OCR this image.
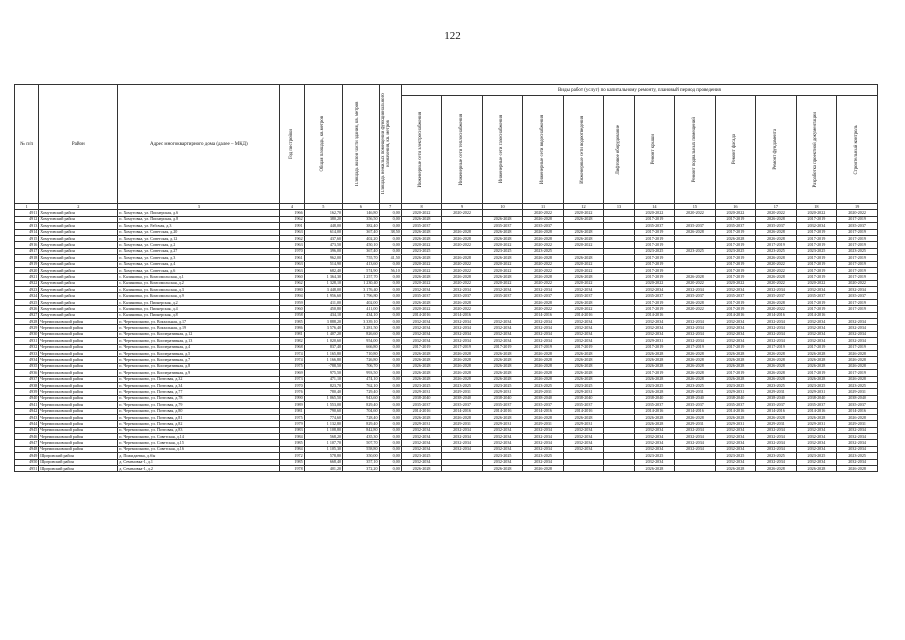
122
№ п/п	Район	Адрес многоквартирного дома (далее – МКД)	Год постройки	Общая площадь, кв.метров	Площадь жилой части здания, кв. метров	Площадь нежилых помещений функционального назначения, кв. метров	Виды работ (услуг) по капитальному ремонту, плановый период проведения											

							Инженерные сети электроснабжения	Инженерные сети теплоснабжения	Инженерные сети газоснабжения	Инженерные сети водоснабжения	Инженерные сети водоотведения	Лифтовое оборудование	Ремонт крыши	Ремонт подвальных помещений	Ремонт фасада	Ремонт фундамента	Разработка проектной документации	Строительный контроль

1	2	3	4	5	6	7	8	9	10	11	12	13	14	15	16	17	18	19
4911	Хомутовский район	п. Хомутовка, ул. Пионерская, д.6	1966	162,70	146,80	0,00	2020-2022	2020-2022		2020-2022	2020-2022		2020-2022	2020-2022	2020-2022	2020-2022	2020-2022	2020-2022
4912	Хомутовский район	п. Хомутовка, ул. Пионерская, д.8	1962	380,20	356,50	0,00	2026-2028		2026-2028	2026-2028	2026-2028		2017-2019		2017-2019	2026-2028	2017-2019	2017-2019
4913	Хомутовский район	п. Хомутовка, ул. Рабочая, д.3	1991	448,00	382,40	0,00	2035-2037		2035-2037	2035-2037			2035-2037	2035-2037	2035-2037	2035-2037	2032-2034	2035-2037
4914	Хомутовский район	п. Хомутовка, ул. Советская, д.20	1963	614,00	367,40	38,50	2026-2028	2026-2028	2026-2028	2026-2028	2026-2028		2017-2019	2026-2028	2017-2019	2026-2028	2017-2019	2017-2019
4915	Хомутовский район	п. Хомутовка, ул. Советская, д.12	1962	437,60	402,20	0,00	2026-2028	2026-2028	2026-2028	2026-2028	2026-2028		2017-2019		2026-2028	2026-2028	2017-2019	2017-2019
4916	Хомутовский район	п. Хомутовка, ул. Советская, д.2	1963	473,50	450,10	0,00	2020-2022	2020-2022	2020-2022	2020-2022	2020-2022		2017-2019		2017-2019	2017-2019	2017-2019	2017-2019
4917	Хомутовский район	п. Хомутовка, ул. Советская, д.27	1970	396,00	367,40	0,00	2023-2025		2023-2025	2023-2025			2023-2025	2023-2025	2023-2025	2023-2025	2023-2025	2023-2025
4918	Хомутовский район	п. Хомутовка, ул. Советская, д.3	1961	962,00	755,70	41,50	2026-2028	2026-2028	2026-2028	2026-2028	2026-2028		2017-2019		2017-2019	2026-2028	2017-2019	2017-2019
4919	Хомутовский район	п. Хомутовка, ул. Советская, д.4	1963	514,90	413,60	0,00	2020-2022	2020-2022	2020-2022	2020-2022	2020-2022		2017-2019		2017-2019	2020-2022	2017-2019	2017-2019
4920	Хомутовский район	п. Хомутовка, ул. Советская, д.6	1963	682,40	574,90	56,10	2020-2022	2020-2022	2020-2022	2020-2022	2020-2022		2017-2019		2017-2019	2020-2022	2017-2019	2017-2019
4921	Хомутовский район	с. Калиновка, ул. Комсомольская, д.1	1960	1 364,30	1 257,70	0,00	2026-2028	2026-2028	2026-2028	2026-2028	2026-2028		2017-2019	2026-2028	2017-2019	2026-2028	2017-2019	2017-2019
4922	Хомутовский район	с. Калиновка, ул. Комсомольская, д.2	1962	1 328,10	1 230,40	0,00	2020-2022	2020-2022	2020-2022	2020-2022	2020-2022		2020-2022	2020-2022	2020-2022	2020-2022	2020-2022	2020-2022
4923	Хомутовский район	с. Калиновка, ул. Комсомольская, д.3	1980	3 448,00	3 176,40	0,00	2032-2034	2032-2034	2032-2034	2032-2034	2032-2034		2032-2034	2032-2034	2032-2034	2032-2034	2032-2034	2032-2034
4924	Хомутовский район	с. Калиновка, ул. Комсомольская, д.9	1994	1 956,60	1 796,80	0,00	2035-2037	2035-2037	2035-2037	2035-2037	2035-2037		2035-2037	2035-2037	2035-2037	2035-2037	2035-2037	2035-2037
4925	Хомутовский район	с. Калиновка, ул. Пионерская, д.2	1959	411,00	402,00	0,00	2026-2028	2026-2028		2026-2028	2026-2028		2017-2019	2026-2028	2017-2019	2026-2028	2017-2019	2017-2019
4926	Хомутовский район	с. Калиновка, ул. Пионерская, д.4	1960	450,80	411,00	0,00	2020-2022	2020-2022		2020-2022	2020-2022		2017-2019	2020-2022	2017-2019	2020-2022	2017-2019	2017-2019
4927	Хомутовский район	с. Калиновка, ул. Пионерская, д.8	1958	434,10	434,10	0,00	2014-2016	2014-2016		2014-2016	2014-2016		2014-2016		2014-2016	2014-2016	2014-2016	
4928	Черемисиновский район	п. Черемисиново, ул. Вокзальная, д.17	1985	3 888,20	3 339,10	0,00	2032-2034	2032-2034	2032-2034	2032-2034	2032-2034		2032-2034	2032-2034	2032-2034	2032-2034	2032-2034	2032-2034
4929	Черемисиновский район	п. Черемисиново, ул. Вокзальная, д.19	1986	3 576,40	3 281,50	0,00	2032-2034	2032-2034	2032-2034	2032-2034	2032-2034		2032-2034	2032-2034	2032-2034	2032-2034	2032-2034	2032-2034
4930	Черемисиновский район	п. Черемисиново, ул. Кооперативная, д.12	1981	1 407,20	826,60	0,00	2032-2034	2032-2034	2032-2034	2032-2034	2032-2034		2032-2034	2032-2034	2032-2034	2032-2034	2032-2034	2032-2034
4931	Черемисиновский район	п. Черемисиново, ул. Кооперативная, д.13	1982	1 020,60	954,00	0,00	2032-2034	2032-2034	2032-2034	2032-2034	2032-2034		2029-2031	2032-2034	2032-2034	2032-2034	2032-2034	2032-2034
4932	Черемисиновский район	п. Черемисиново, ул. Кооперативная, д.4	1968	837,40	666,80	0,00	2017-2019	2017-2019	2017-2019	2017-2019	2017-2019		2017-2019	2017-2019	2017-2019	2017-2019	2017-2019	2017-2019
4933	Черемисиновский район	п. Черемисиново, ул. Кооперативная, д.5	1974	1 165,80	710,80	0,00	2026-2028	2026-2028	2026-2028	2026-2028	2026-2028		2026-2028	2026-2028	2026-2028	2026-2028	2026-2028	2026-2028
4934	Черемисиновский район	п. Черемисиново, ул. Кооперативная, д.7	1974	1 166,80	726,80	0,00	2026-2028	2026-2028	2026-2028	2026-2028	2026-2028		2026-2028	2026-2028	2026-2028	2026-2028	2026-2028	2026-2028
4935	Черемисиновский район	п. Черемисиново, ул. Кооперативная, д.8	1975	-788,50	706,70	0,00	2026-2028	2026-2028	2026-2028	2026-2028	2026-2028		2026-2028	2026-2028	2026-2028	2026-2028	2026-2028	2026-2028
4936	Черемисиновский район	п. Черемисиново, ул. Кооперативная, д.9	1969	975,50	993,50	0,00	2026-2028	2026-2028	2026-2028	2026-2028	2026-2028		2017-2019	2026-2028	2017-2019	2026-2028	2017-2019	2017-2019
4937	Черемисиновский район	п. Черемисиново, ул. Почтовая, д.32	1973	471,10	474,10	0,00	2026-2028	2026-2028	2026-2028	2026-2028	2026-2028		2026-2028	2026-2028	2026-2028	2026-2028	2026-2028	2026-2028
4938	Черемисиновский район	п. Черемисиново, ул. Почтовая, д.34	1970	823,70	762,10	0,00	2023-2025	2023-2025	2023-2025	2023-2025	2023-2025		2023-2025	2023-2025	2023-2025	2023-2025	2023-2025	2023-2025
4939	Черемисиновский район	п. Черемисиново, ул. Почтовая, д.77	1976	780,40	729,40	0,00	2029-2031	2029-2031	2029-2031	2029-2031	2029-2031		2026-2028	2029-2031	2029-2031	2029-2031	2029-2031	2029-2031
4940	Черемисиновский район	п. Черемисиново, ул. Почтовая, д.78	1990	1 065,50	943,60	0,00	2038-2040	2038-2040	2038-2040	2038-2040	2038-2040		2038-2040	2038-2040	2038-2040	2038-2040	2038-2040	2038-2040
4941	Черемисиновский район	п. Черемисиново, ул. Почтовая, д.79	1989	1 553,00	829,40	0,00	2035-2037	2035-2037	2035-2037	2035-2037	2035-2037		2035-2037	2035-2037	2035-2037	2035-2037	2035-2037	2035-2037
4942	Черемисиновский район	п. Черемисиново, ул. Почтовая, д.80	1981	790,60	704,60	0,00	2014-2016	2014-2016	2014-2016	2014-2016	2014-2016		2014-2016	2014-2016	2014-2016	2014-2016	2014-2016	2014-2016
4943	Черемисиновский район	п. Черемисиново, ул. Почтовая, д.81	1975	774,60	728,40	0,00	2026-2028	2026-2028	2026-2028	2026-2028	2026-2028		2026-2028	2026-2028	2026-2028	2026-2028	2026-2028	2026-2028
4944	Черемисиновский район	п. Черемисиново, ул. Почтовая, д.82	1979	1 132,80	829,40	0,00	2029-2031	2029-2031	2029-2031	2029-2031	2029-2031		2026-2028	2029-2031	2029-2031	2029-2031	2029-2031	2029-2031
4945	Черемисиновский район	п. Черемисиново, ул. Почтовая, д.83	1983	1 108,80	842,80	0,00	2032-2034	2032-2034	2032-2034	2032-2034	2032-2034		2032-2034	2032-2034	2032-2034	2032-2034	2032-2034	2032-2034
4946	Черемисиновский район	п. Черемисиново, ул. Советская, д.14	1984	568,20	435,30	0,00	2032-2034	2032-2034	2032-2034	2032-2034	2032-2034		2032-2034	2032-2034	2032-2034	2032-2034	2032-2034	2032-2034
4947	Черемисиновский район	п. Черемисиново, ул. Советская, д.15	1985	1 107,70	507,70	0,00	2032-2034	2032-2034	2032-2034	2032-2034	2032-2034		2032-2034	2032-2034	2032-2034	2032-2034	2032-2034	2032-2034
4948	Черемисиновский район	п. Черемисиново, ул. Советская, д.16	1984	1 105,30	558,80	0,00	2032-2034	2032-2034	2032-2034	2032-2034	2032-2034		2032-2034	2032-2034	2032-2034	2032-2034	2032-2034	2032-2034
4949	Щигровский район	д. Пожидаевка, д.б/н	1972	578,80	350,00	0,00	2023-2025		2023-2025	2023-2025			2023-2025		2023-2025	2023-2025	2023-2025	2023-2025
4950	Щигровский район	д. Семеновка-1, д.1	1985	668,40	357,10	0,00	2032-2034		2032-2034	2032-2034			2032-2034		2032-2034	2032-2034	2032-2034	2032-2034
4951	Щигровский район	д. Семеновка-1, д.2	1978	401,20	372,20	0,00	2026-2028		2026-2028	2026-2028			2026-2028		2026-2028	2026-2028	2026-2028	2026-2028
